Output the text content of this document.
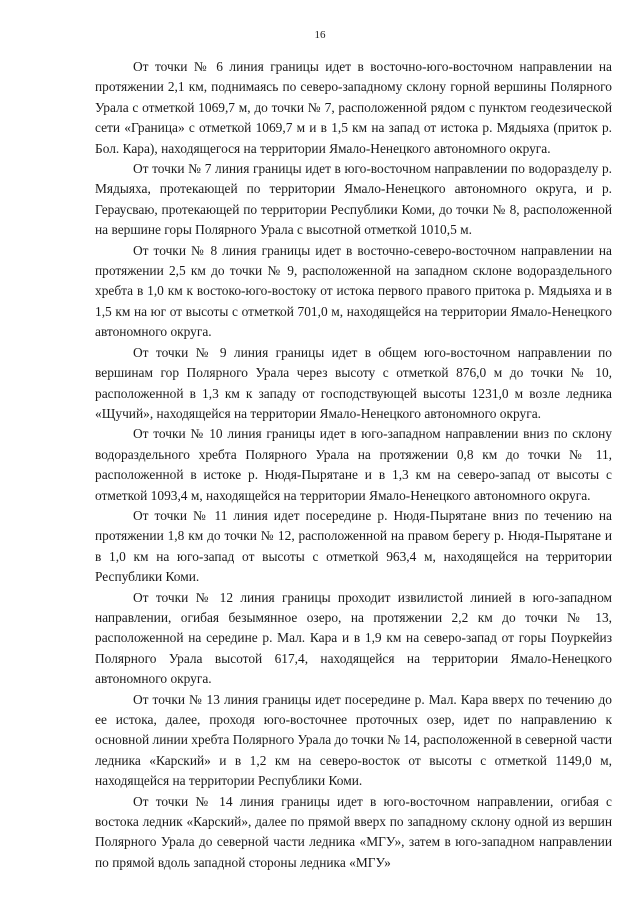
16

От точки № 6 линия границы идет в восточно-юго-восточном направлении на протяжении 2,1 км, поднимаясь по северо-западному склону горной вершины Полярного Урала с отметкой 1069,7 м, до точки № 7, расположенной рядом с пунктом геодезической сети «Граница» с отметкой 1069,7 м и в 1,5 км на запад от истока р. Мядыяха (приток р. Бол. Кара), находящегося на территории Ямало-Ненецкого автономного округа.

От точки № 7 линия границы идет в юго-восточном направлении по водоразделу р. Мядыяха, протекающей по территории Ямало-Ненецкого автономного округа, и р. Гераусваю, протекающей по территории Республики Коми, до точки № 8, расположенной на вершине горы Полярного Урала с высотной отметкой 1010,5 м.

От точки № 8 линия границы идет в восточно-северо-восточном направлении на протяжении 2,5 км до точки № 9, расположенной на западном склоне водораздельного хребта в 1,0 км к востоко-юго-востоку от истока первого правого притока р. Мядыяха и в 1,5 км на юг от высоты с отметкой 701,0 м, находящейся на территории Ямало-Ненецкого автономного округа.

От точки № 9 линия границы идет в общем юго-восточном направлении по вершинам гор Полярного Урала через высоту с отметкой 876,0 м до точки № 10, расположенной в 1,3 км к западу от господствующей высоты 1231,0 м возле ледника «Щучий», находящейся на территории Ямало-Ненецкого автономного округа.

От точки № 10 линия границы идет в юго-западном направлении вниз по склону водораздельного хребта Полярного Урала на протяжении 0,8 км до точки № 11, расположенной в истоке р. Нюдя-Пырятане и в 1,3 км на северо-запад от высоты с отметкой 1093,4 м, находящейся на территории Ямало-Ненецкого автономного округа.

От точки № 11 линия идет посередине р. Нюдя-Пырятане вниз по течению на протяжении 1,8 км до точки № 12, расположенной на правом берегу р. Нюдя-Пырятане и в 1,0 км на юго-запад от высоты с отметкой 963,4 м, находящейся на территории Республики Коми.

От точки № 12 линия границы проходит извилистой линией в юго-западном направлении, огибая безымянное озеро, на протяжении 2,2 км до точки № 13, расположенной на середине р. Мал. Кара и в 1,9 км на северо-запад от горы Поуркейиз Полярного Урала высотой 617,4, находящейся на территории Ямало-Ненецкого автономного округа.

От точки № 13 линия границы идет посередине р. Мал. Кара вверх по течению до ее истока, далее, проходя юго-восточнее проточных озер, идет по направлению к основной линии хребта Полярного Урала до точки № 14, расположенной в северной части ледника «Карский» и в 1,2 км на северо-восток от высоты с отметкой 1149,0 м, находящейся на территории Республики Коми.

От точки № 14 линия границы идет в юго-восточном направлении, огибая с востока ледник «Карский», далее по прямой вверх по западному склону одной из вершин Полярного Урала до северной части ледника «МГУ», затем в юго-западном направлении по прямой вдоль западной стороны ледника «МГУ»
